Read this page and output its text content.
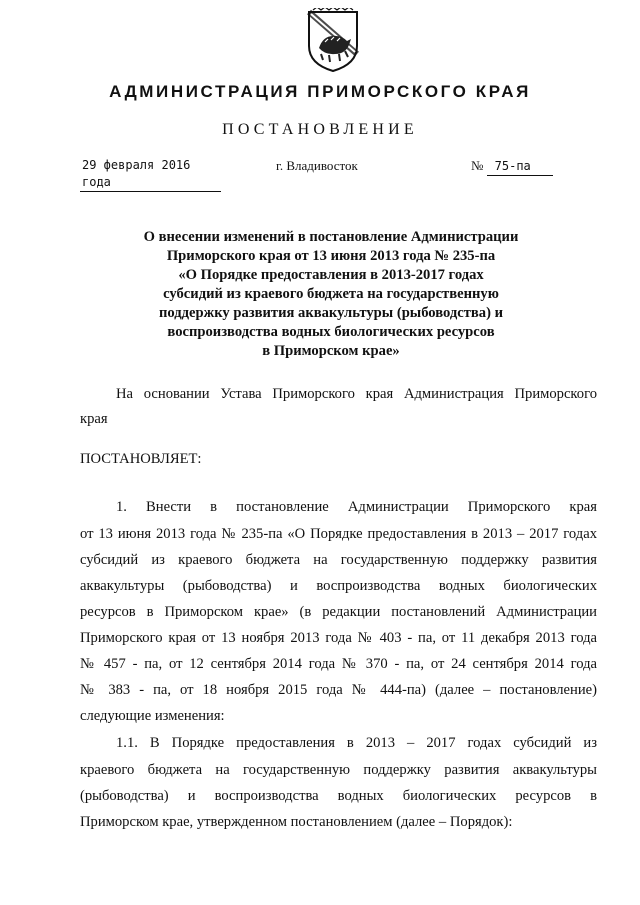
АДМИНИСТРАЦИЯ ПРИМОРСКОГО КРАЯ
ПОСТАНОВЛЕНИЕ
29 февраля 2016 года
г. Владивосток	№ 75-па
О внесении изменений в постановление Администрации
Приморского края от 13 июня 2013 года № 235-па
«О Порядке предоставления в 2013-2017 годах
субсидий из краевого бюджета на государственную
поддержку развития аквакультуры (рыбоводства) и
воспроизводства водных биологических ресурсов
в Приморском крае»
На основании Устава Приморского края Администрация Приморского
края
ПОСТАНОВЛЯЕТ:
1. Внести в постановление Администрации Приморского края
от 13 июня 2013 года № 235-па «О Порядке предоставления в 2013 – 2017 годах
субсидий из краевого бюджета на государственную поддержку развития
аквакультуры (рыбоводства) и воспроизводства водных биологических
ресурсов в Приморском крае» (в редакции постановлений Администрации
Приморского края от 13 ноября 2013 года № 403 - па, от 11 декабря 2013 года
№ 457 - па, от 12 сентября 2014 года № 370 - па, от 24 сентября 2014 года
№ 383 - па, от 18 ноября 2015 года № 444-па) (далее – постановление)
следующие изменения:
1.1. В Порядке предоставления в 2013 – 2017 годах субсидий из
краевого бюджета на государственную поддержку развития аквакультуры
(рыбоводства) и воспроизводства водных биологических ресурсов в
Приморском крае, утвержденном постановлением (далее – Порядок):
